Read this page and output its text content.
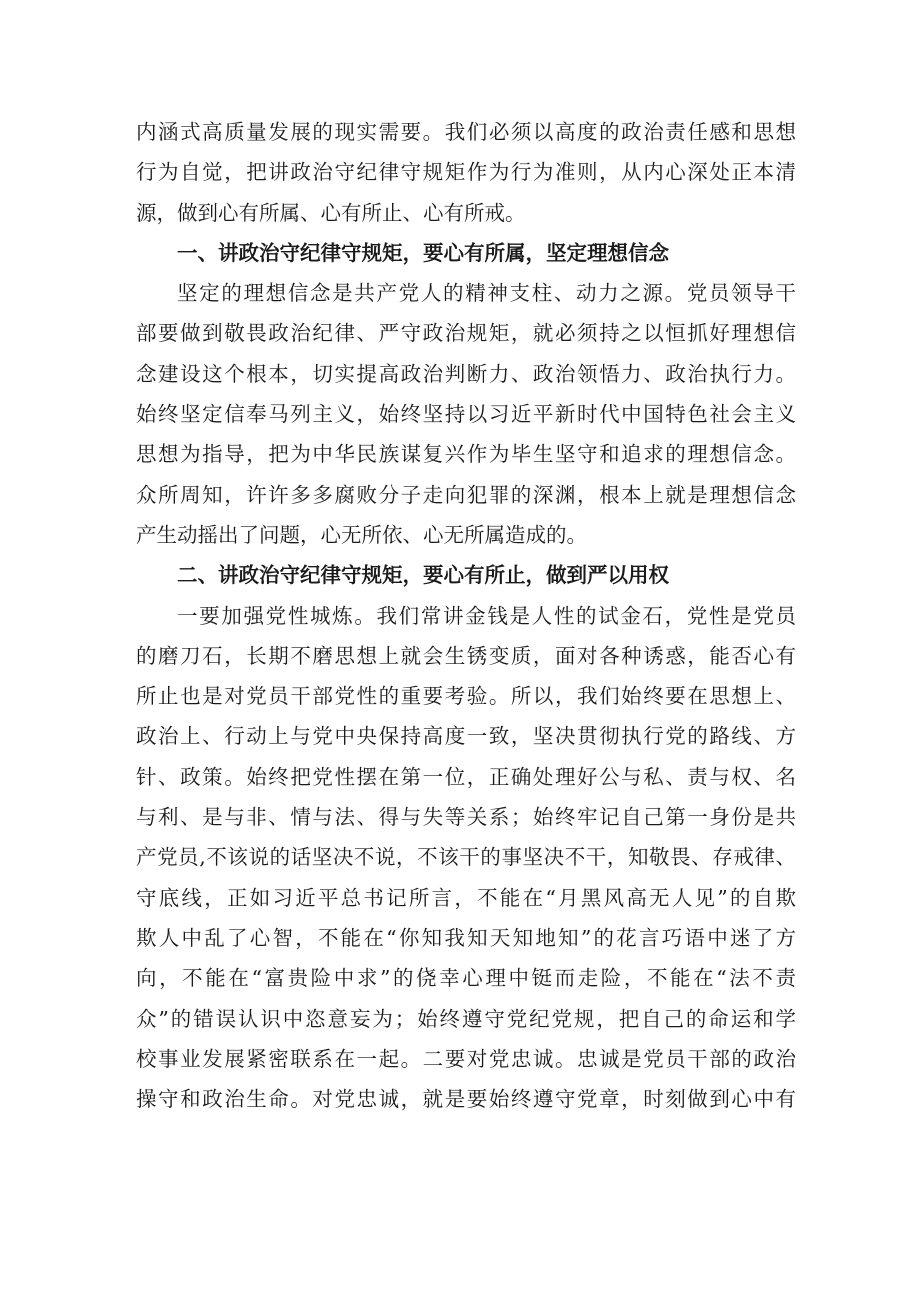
内涵式高质量发展的现实需要。我们必须以高度的政治责任感和思想
行为自觉，把讲政治守纪律守规矩作为行为准则，从内心深处正本清
源，做到心有所属、心有所止、心有所戒。
一、讲政治守纪律守规矩，要心有所属，坚定理想信念
坚定的理想信念是共产党人的精神支柱、动力之源。党员领导干
部要做到敬畏政治纪律、严守政治规矩，就必须持之以恒抓好理想信
念建设这个根本，切实提高政治判断力、政治领悟力、政治执行力。
始终坚定信奉马列主义，始终坚持以习近平新时代中国特色社会主义
思想为指导，把为中华民族谋复兴作为毕生坚守和追求的理想信念。
众所周知，许许多多腐败分子走向犯罪的深渊，根本上就是理想信念
产生动摇出了问题，心无所依、心无所属造成的。
二、讲政治守纪律守规矩，要心有所止，做到严以用权
一要加强党性城炼。我们常讲金钱是人性的试金石，党性是党员
的磨刀石，长期不磨思想上就会生锈变质，面对各种诱惑，能否心有
所止也是对党员干部党性的重要考验。所以，我们始终要在思想上、
政治上、行动上与党中央保持高度一致，坚决贯彻执行党的路线、方
针、政策。始终把党性摆在第一位，正确处理好公与私、责与权、名
与利、是与非、情与法、得与失等关系；始终牢记自己第一身份是共
产党员,不该说的话坚决不说，不该干的事坚决不干，知敬畏、存戒律、
守底线，正如习近平总书记所言，不能在“月黑风高无人见”的自欺
欺人中乱了心智，不能在“你知我知天知地知”的花言巧语中迷了方
向，不能在“富贵险中求”的侥幸心理中铤而走险，不能在“法不责
众”的错误认识中恣意妄为；始终遵守党纪党规，把自己的命运和学
校事业发展紧密联系在一起。二要对党忠诚。忠诚是党员干部的政治
操守和政治生命。对党忠诚，就是要始终遵守党章，时刻做到心中有
